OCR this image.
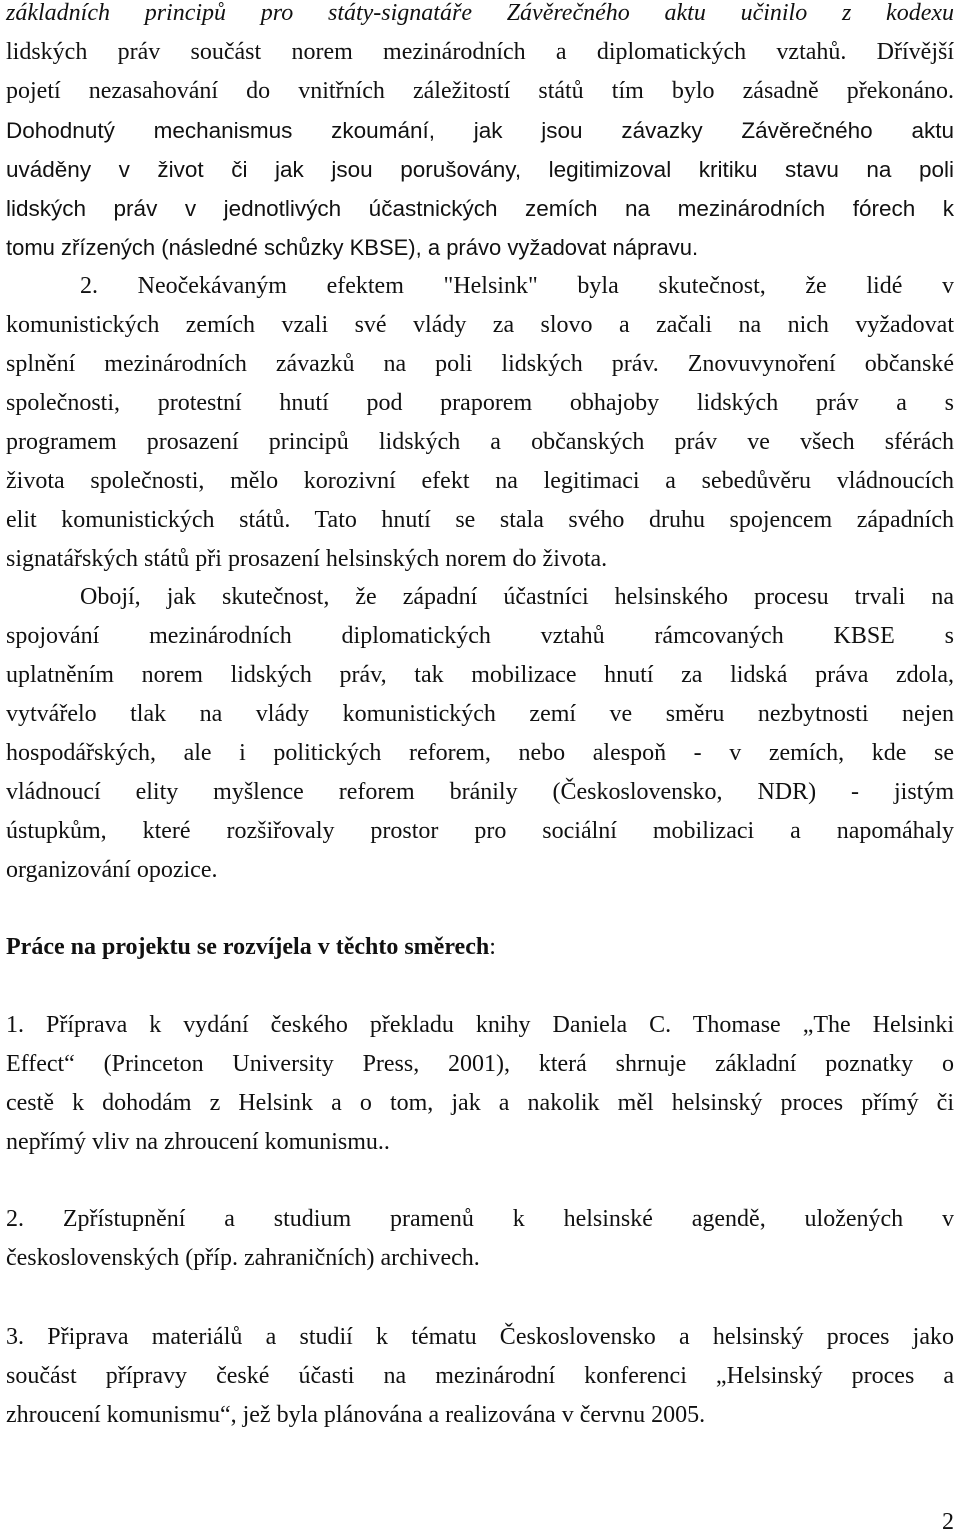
základních principů pro státy-signatáře Závěrečného aktu učinilo z kodexu
lidských práv součást norem mezinárodních a diplomatických vztahů. Dřívější
pojetí nezasahování do vnitřních záležitostí států tím bylo zásadně překonáno.
Dohodnutý mechanismus zkoumání, jak jsou závazky Závěrečného aktu
uváděny v život či jak jsou porušovány, legitimizoval kritiku stavu na poli
lidských práv v jednotlivých účastnických zemích na mezinárodních fórech k
tomu zřízených (následné schůzky KBSE), a právo vyžadovat nápravu.
2. Neočekávaným efektem "Helsink" byla skutečnost, že lidé v
komunistických zemích vzali své vlády za slovo a začali na nich vyžadovat
splnění mezinárodních závazků na poli lidských práv. Znovuvynoření občanské
společnosti, protestní hnutí pod praporem obhajoby lidských práv a s
programem prosazení principů lidských a občanských práv ve všech sférách
života společnosti, mělo korozivní efekt na legitimaci a sebedůvěru vládnoucích
elit komunistických států. Tato hnutí se stala svého druhu spojencem západních
signatářských států při prosazení helsinských norem do života.
Obojí, jak skutečnost, že západní účastníci helsinského procesu trvali na
spojování mezinárodních diplomatických vztahů rámcovaných KBSE s
uplatněním norem lidských práv, tak mobilizace hnutí za lidská práva zdola,
vytvářelo tlak na vlády komunistických zemí ve směru nezbytnosti nejen
hospodářských, ale i politických reforem, nebo alespoň - v zemích, kde se
vládnoucí elity myšlence reforem bránily (Československo, NDR) - jistým
ústupkům, které rozšiřovaly prostor pro sociální mobilizaci a napomáhaly
organizování opozice.
Práce na projektu se rozvíjela v těchto směrech:
1. Příprava k vydání českého překladu knihy Daniela C. Thomase „The Helsinki
Effect“ (Princeton University Press, 2001), která shrnuje základní poznatky o
cestě k dohodám z Helsink a o tom, jak a nakolik měl helsinský proces přímý či
nepřímý vliv na zhroucení komunismu..
2. Zpřístupnění a studium pramenů k helsinské agendě, uložených v
československých (příp. zahraničních) archivech.
3. Připrava materiálů a studií k tématu Československo a helsinský proces jako
součást přípravy české účasti na mezinárodní konferenci „Helsinský proces a
zhroucení komunismu“, jež byla plánována a realizována v červnu 2005.
2
